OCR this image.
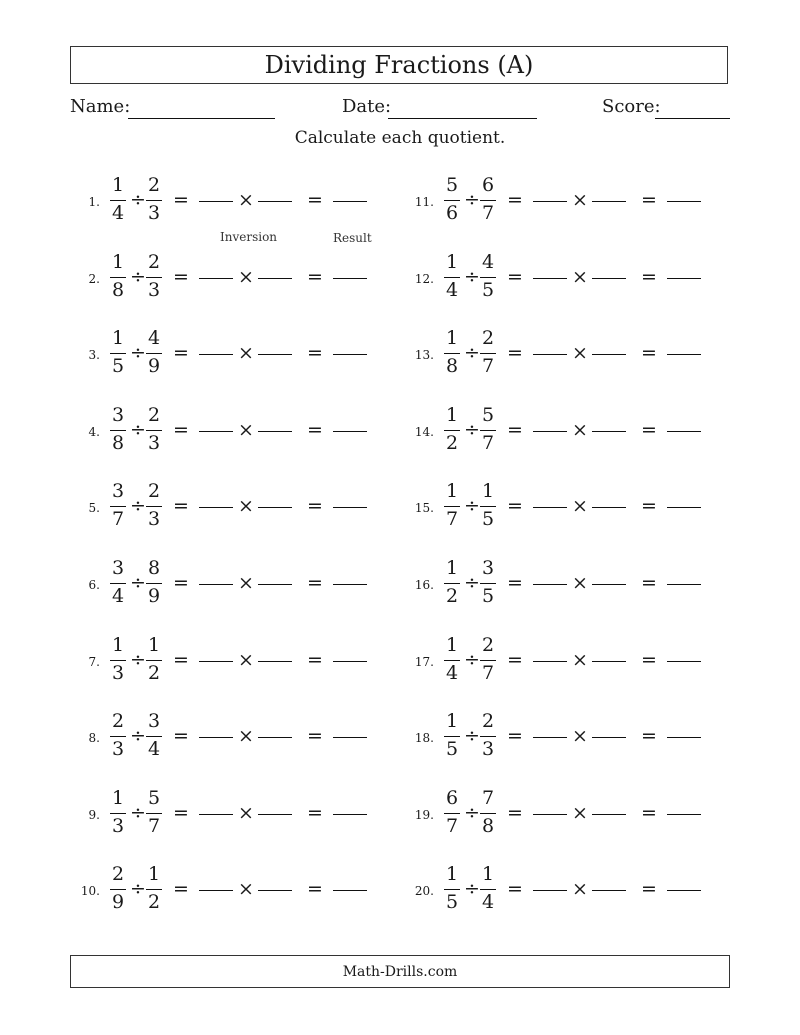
Dividing Fractions (A)
Name:	Date:	Score:
Calculate each quotient.
1.
1
4
÷
2
3
=	×	=
2.
1
8
÷
2
3
=	×	=
3.
1
5
÷
4
9
=	×	=
4.
3
8
÷
2
3
=	×	=
5.
3
7
÷
2
3
=	×	=
6.
3
4
÷
8
9
=	×	=
7.
1
3
÷
1
2
=	×	=
8.
2
3
÷
3
4
=	×	=
9.
1
3
÷
5
7
=	×	=
10.
2
9
÷
1
2
=	×	=
11.
5
6
÷
6
7
=	×	=
12.
1
4
÷
4
5
=	×	=
13.
1
8
÷
2
7
=	×	=
14.
1
2
÷
5
7
=	×	=
15.
1
7
÷
1
5
=	×	=
16.
1
2
÷
3
5
=	×	=
17.
1
4
÷
2
7
=	×	=
18.
1
5
÷
2
3
=	×	=
19.
6
7
÷
7
8
=	×	=
20.
1
5
÷
1
4
=	×	=
Inversion	Result
Math-Drills.com
